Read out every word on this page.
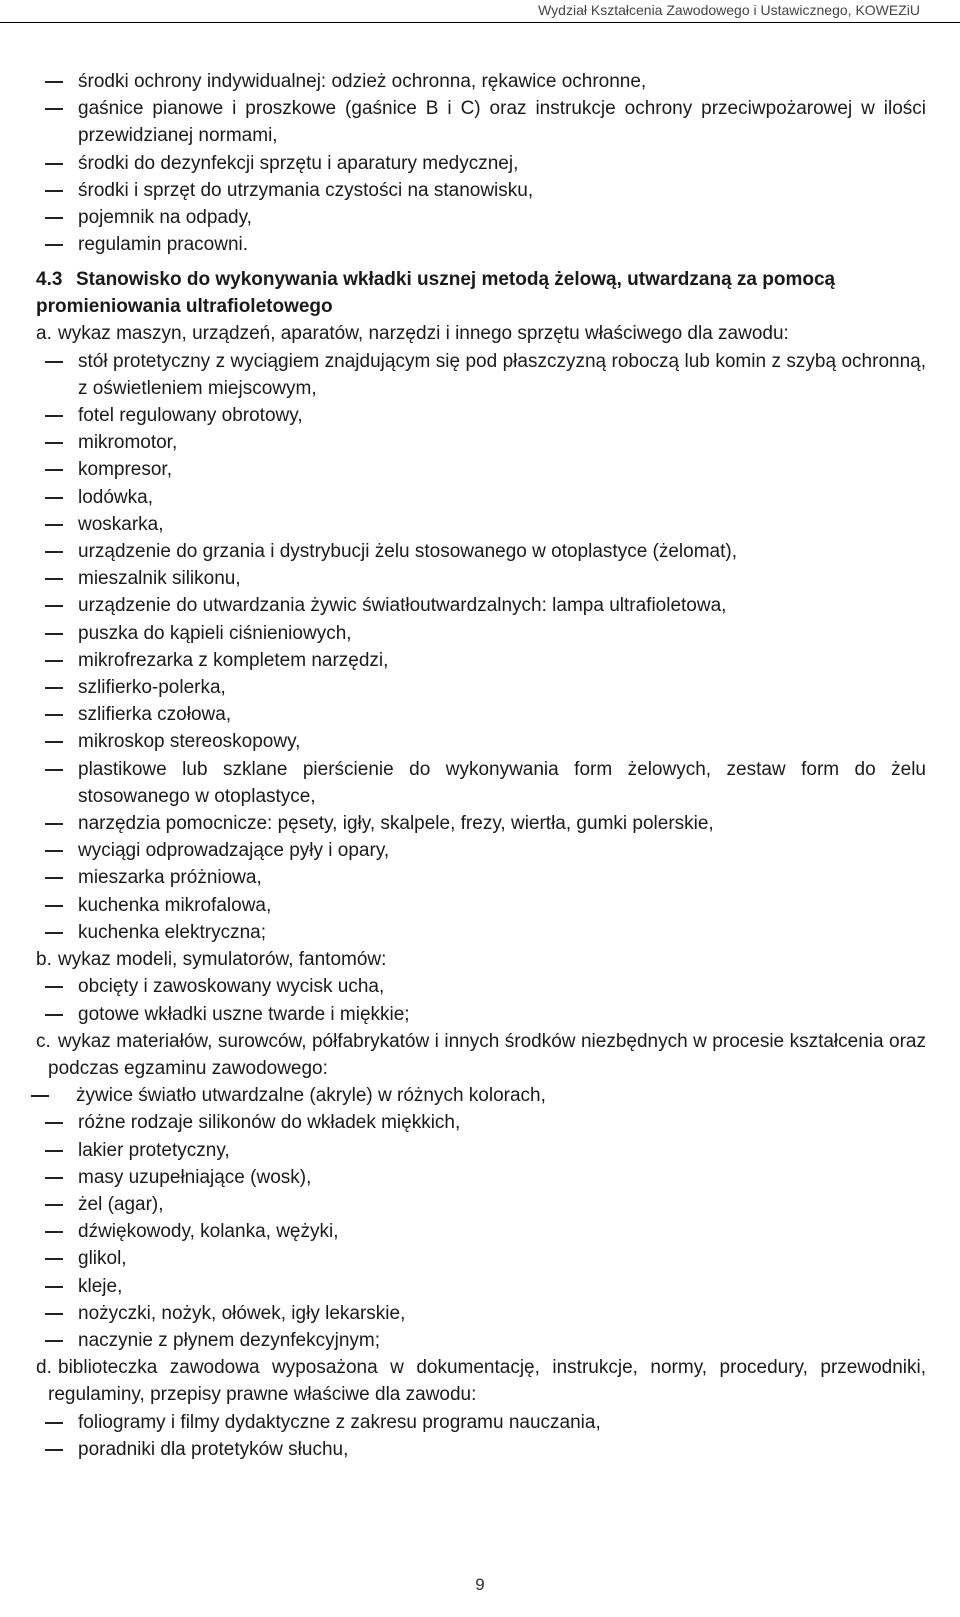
Wydział Kształcenia Zawodowego i Ustawicznego, KOWEZiU
środki ochrony indywidualnej: odzież ochronna, rękawice ochronne,
gaśnice pianowe i proszkowe (gaśnice B i C) oraz instrukcje ochrony przeciwpożarowej w ilości przewidzianej normami,
środki do dezynfekcji sprzętu i aparatury medycznej,
środki i sprzęt do utrzymania czystości na stanowisku,
pojemnik na odpady,
regulamin pracowni.
4.3 Stanowisko do wykonywania wkładki usznej metodą żelową, utwardzaną za pomocą promieniowania ultrafioletowego
a. wykaz maszyn, urządzeń, aparatów, narzędzi i innego sprzętu właściwego dla zawodu:
stół protetyczny z wyciągiem znajdującym się pod płaszczyzną roboczą lub komin z szybą ochronną, z oświetleniem miejscowym,
fotel regulowany obrotowy,
mikromotor,
kompresor,
lodówka,
woskarka,
urządzenie do grzania i dystrybucji żelu stosowanego w otoplastyce (żelomat),
mieszalnik silikonu,
urządzenie do utwardzania żywic światłoutwardzalnych: lampa ultrafioletowa,
puszka do kąpieli ciśnieniowych,
mikrofrezarka z kompletem narzędzi,
szlifierko-polerka,
szlifierka czołowa,
mikroskop stereoskopowy,
plastikowe lub szklane pierścienie do wykonywania form żelowych, zestaw form do żelu stosowanego w otoplastyce,
narzędzia pomocnicze: pęsety, igły, skalpele, frezy, wiertła, gumki polerskie,
wyciągi odprowadzające pyły i opary,
mieszarka próżniowa,
kuchenka mikrofalowa,
kuchenka elektryczna;
b. wykaz modeli, symulatorów, fantomów:
obcięty i zawoskowany wycisk ucha,
gotowe wkładki uszne twarde i miękkie;
c. wykaz materiałów, surowców, półfabrykatów i innych środków niezbędnych w procesie kształcenia oraz podczas egzaminu zawodowego:
żywice światło utwardzalne (akryle) w różnych kolorach,
różne rodzaje silikonów do wkładek miękkich,
lakier protetyczny,
masy uzupełniające (wosk),
żel (agar),
dźwiękowody, kolanka, wężyki,
glikol,
kleje,
nożyczki, nożyk, ołówek, igły lekarskie,
naczynie z płynem dezynfekcyjnym;
d. biblioteczka zawodowa wyposażona w dokumentację, instrukcje, normy, procedury, przewodniki, regulaminy, przepisy prawne właściwe dla zawodu:
foliogramy i filmy dydaktyczne z zakresu programu nauczania,
poradniki dla protetyków słuchu,
9
